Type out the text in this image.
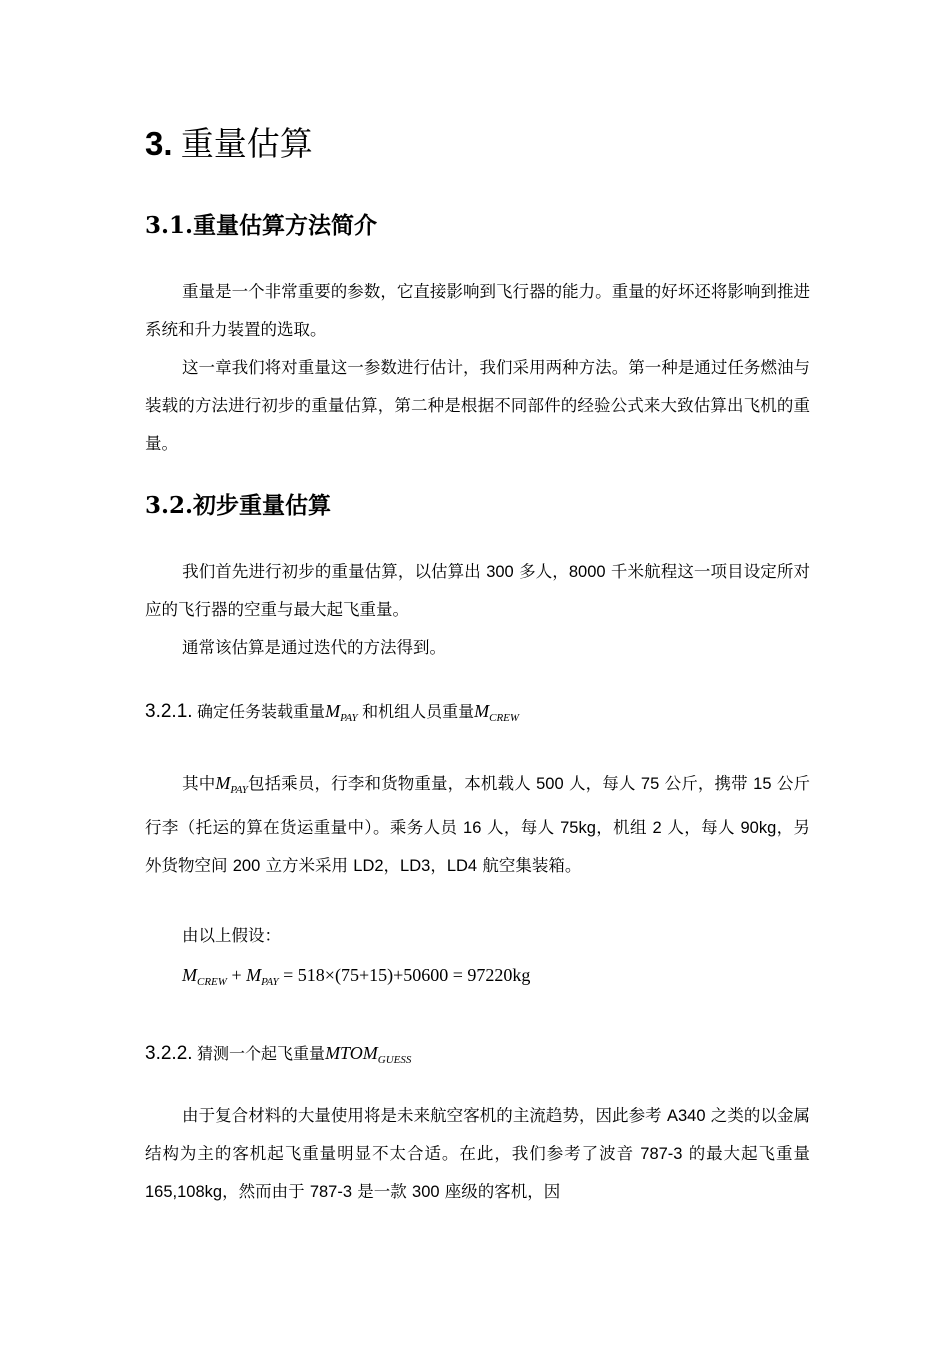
3. 重量估算
3.1.重量估算方法简介

重量是一个非常重要的参数，它直接影响到飞行器的能力。重量的好坏还将影响到推进系统和升力装置的选取。

这一章我们将对重量这一参数进行估计，我们采用两种方法。第一种是通过任务燃油与装载的方法进行初步的重量估算，第二种是根据不同部件的经验公式来大致估算出飞机的重量。

3.2.初步重量估算

我们首先进行初步的重量估算，以估算出 300 多人，8000 千米航程这一项目设定所对应的飞行器的空重与最大起飞重量。

通常该估算是通过迭代的方法得到。

3.2.1. 确定任务装载重量$M_{PAY}$ 和机组人员重量$M_{CREW}$

其中$M_{PAY}$包括乘员，行李和货物重量，本机载人 500 人，每人 75 公斤，携带 15 公斤行李（托运的算在货运重量中）。乘务人员 16 人，每人 75kg，机组 2 人，每人 90kg，另外货物空间 200 立方米采用 LD2，LD3，LD4 航空集装箱。

由以上假设：

$M_{CREW} + M_{PAY} = 518\times(75+15)+50600 = 97220kg$
3.2.2. 猜测一个起飞重量$MTOM_{GUESS}$

由于复合材料的大量使用将是未来航空客机的主流趋势，因此参考 A340 之类的以金属结构为主的客机起飞重量明显不太合适。在此，我们参考了波音 787-3 的最大起飞重量 165,108kg，然而由于 787-3 是一款 300 座级的客机，因
